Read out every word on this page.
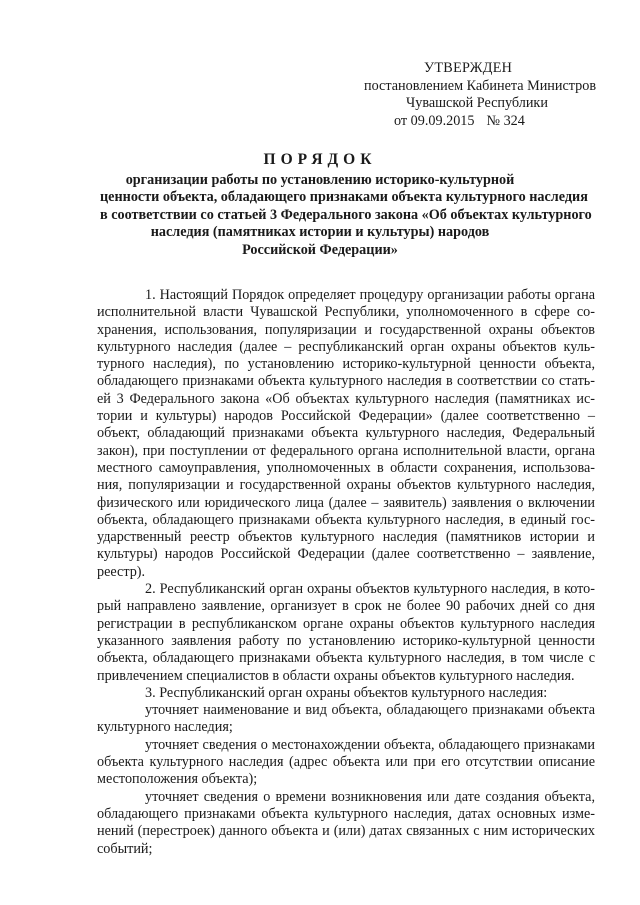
УТВЕРЖДЕН
постановлением Кабинета Министров
Чувашской Республики
от 09.09.2015 № 324
ПОРЯДОК
организации работы по установлению историко-культурной
ценности объекта, обладающего признаками объекта культурного наследия
в соответствии со статьей 3 Федерального закона «Об объектах культурного
наследия (памятниках истории и культуры) народов
Российской Федерации»
1. Настоящий Порядок определяет процедуру организации работы органа
исполнительной власти Чувашской Республики, уполномоченного в сфере со-
хранения, использования, популяризации и государственной охраны объектов
культурного наследия (далее – республиканский орган охраны объектов куль-
турного наследия), по установлению историко-культурной ценности объекта,
обладающего признаками объекта культурного наследия в соответствии со стать-
ей 3 Федерального закона «Об объектах культурного наследия (памятниках ис-
тории и культуры) народов Российской Федерации» (далее соответственно –
объект, обладающий признаками объекта культурного наследия, Федеральный
закон), при поступлении от федерального органа исполнительной власти, органа
местного самоуправления, уполномоченных в области сохранения, использова-
ния, популяризации и государственной охраны объектов культурного наследия,
физического или юридического лица (далее – заявитель) заявления о включении
объекта, обладающего признаками объекта культурного наследия, в единый гос-
ударственный реестр объектов культурного наследия (памятников истории и
культуры) народов Российской Федерации (далее соответственно – заявление,
реестр).
2. Республиканский орган охраны объектов культурного наследия, в кото-
рый направлено заявление, организует в срок не более 90 рабочих дней со дня
регистрации в республиканском органе охраны объектов культурного наследия
указанного заявления работу по установлению историко-культурной ценности
объекта, обладающего признаками объекта культурного наследия, в том числе с
привлечением специалистов в области охраны объектов культурного наследия.
3. Республиканский орган охраны объектов культурного наследия:
уточняет наименование и вид объекта, обладающего признаками объекта
культурного наследия;
уточняет сведения о местонахождении объекта, обладающего признаками
объекта культурного наследия (адрес объекта или при его отсутствии описание
местоположения объекта);
уточняет сведения о времени возникновения или дате создания объекта,
обладающего признаками объекта культурного наследия, датах основных изме-
нений (перестроек) данного объекта и (или) датах связанных с ним исторических
событий;
